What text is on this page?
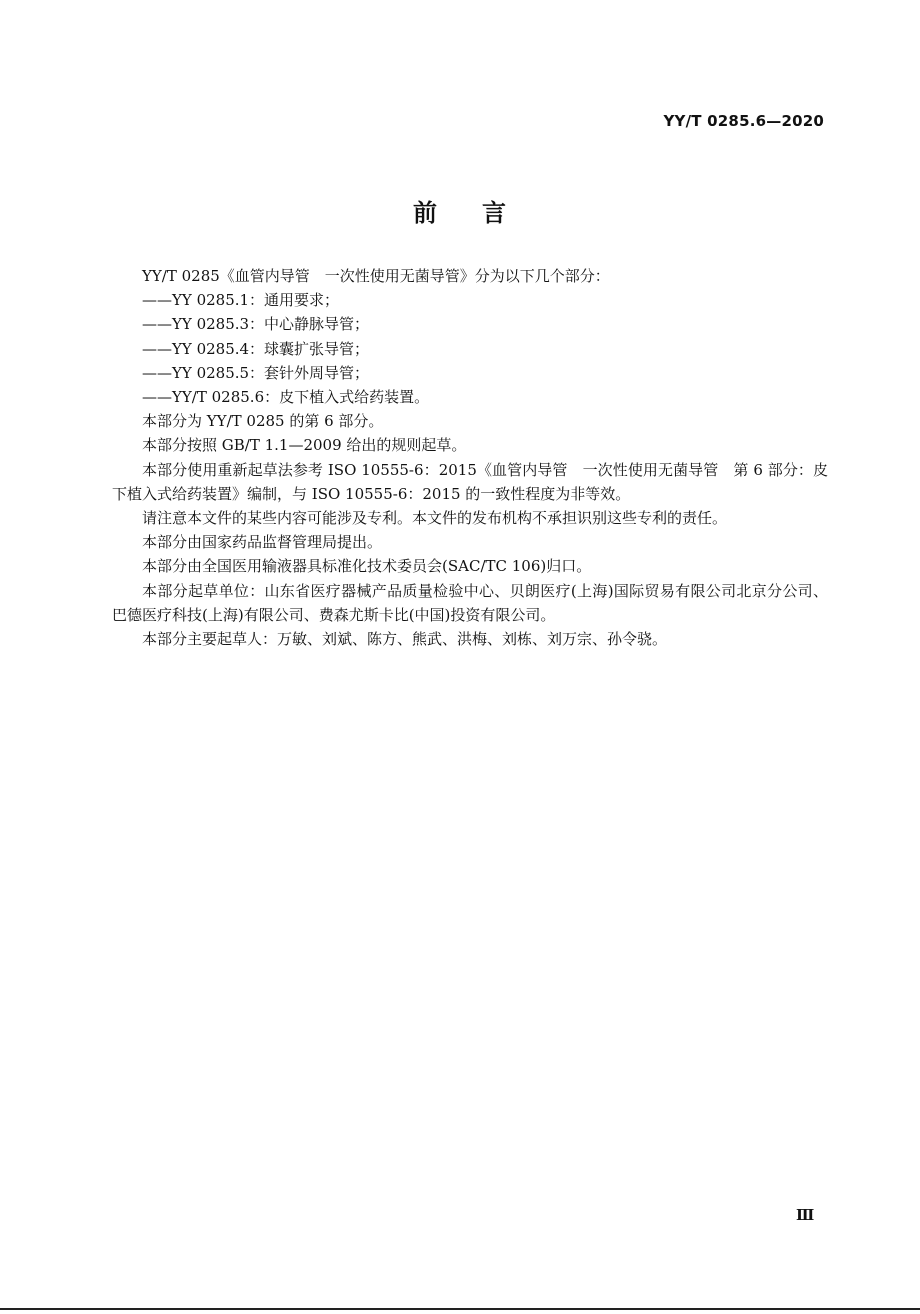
YY/T 0285.6—2020
前 言

YY/T 0285《血管内导管　一次性使用无菌导管》分为以下几个部分：

——YY 0285.1：通用要求；

——YY 0285.3：中心静脉导管；

——YY 0285.4：球囊扩张导管；

——YY 0285.5：套针外周导管；

——YY/T 0285.6：皮下植入式给药装置。

本部分为 YY/T 0285 的第 6 部分。

本部分按照 GB/T 1.1—2009 给出的规则起草。

本部分使用重新起草法参考 ISO 10555-6：2015《血管内导管　一次性使用无菌导管　第 6 部分：皮下植入式给药装置》编制，与 ISO 10555-6：2015 的一致性程度为非等效。

请注意本文件的某些内容可能涉及专利。本文件的发布机构不承担识别这些专利的责任。

本部分由国家药品监督管理局提出。

本部分由全国医用输液器具标准化技术委员会(SAC/TC 106)归口。

本部分起草单位：山东省医疗器械产品质量检验中心、贝朗医疗(上海)国际贸易有限公司北京分公司、巴德医疗科技(上海)有限公司、费森尤斯卡比(中国)投资有限公司。

本部分主要起草人：万敏、刘斌、陈方、熊武、洪梅、刘栋、刘万宗、孙令骁。

Ⅲ
